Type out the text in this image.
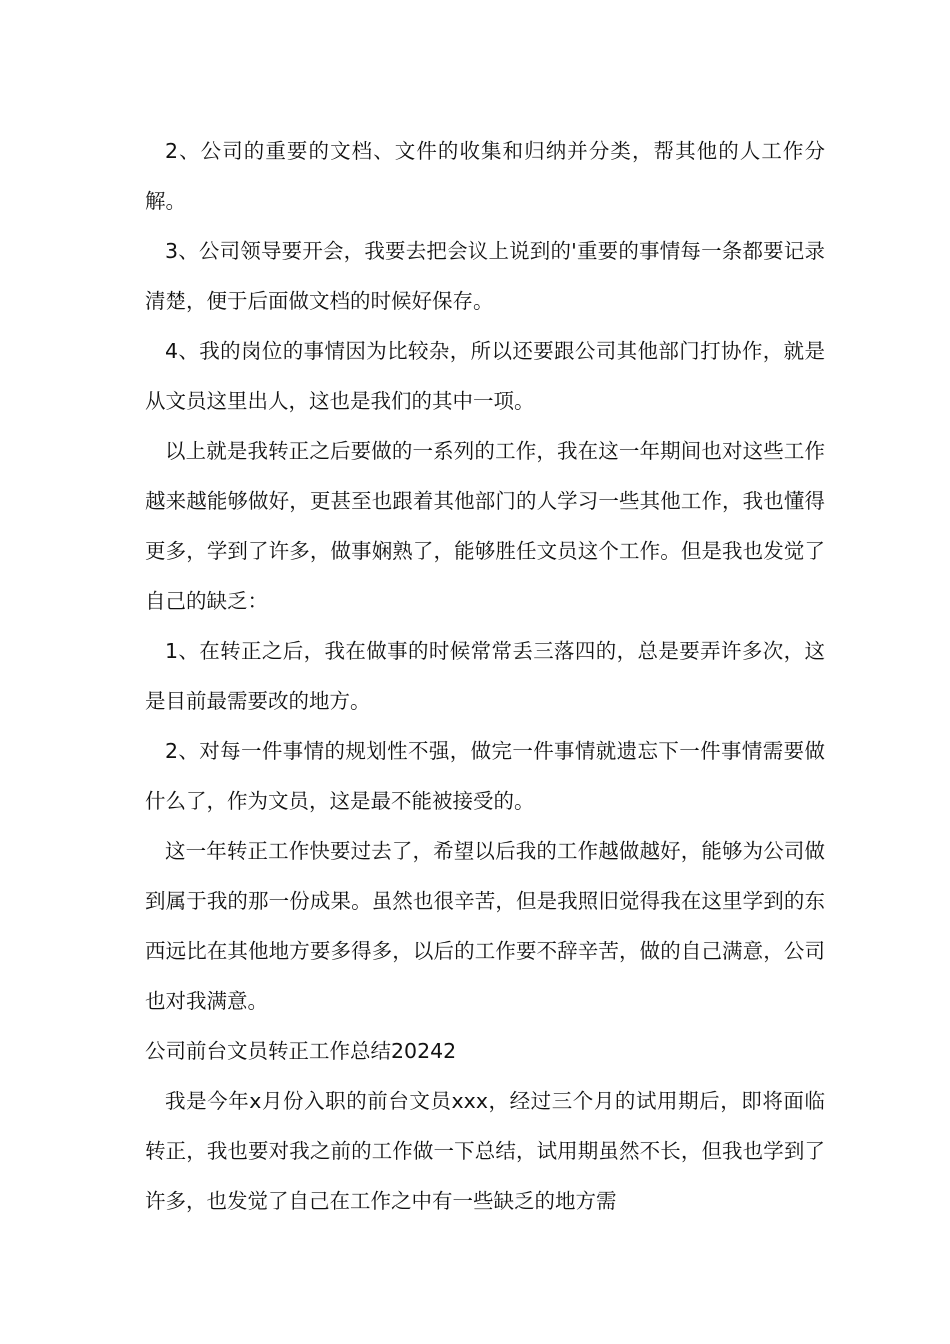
2、公司的重要的文档、文件的收集和归纳并分类，帮其他的人工作分解。

3、公司领导要开会，我要去把会议上说到的'重要的事情每一条都要记录清楚，便于后面做文档的时候好保存。

4、我的岗位的事情因为比较杂，所以还要跟公司其他部门打协作，就是从文员这里出人，这也是我们的其中一项。

以上就是我转正之后要做的一系列的工作，我在这一年期间也对这些工作越来越能够做好，更甚至也跟着其他部门的人学习一些其他工作，我也懂得更多，学到了许多，做事娴熟了，能够胜任文员这个工作。但是我也发觉了自己的缺乏：

1、在转正之后，我在做事的时候常常丢三落四的，总是要弄许多次，这是目前最需要改的地方。

2、对每一件事情的规划性不强，做完一件事情就遗忘下一件事情需要做什么了，作为文员，这是最不能被接受的。

这一年转正工作快要过去了，希望以后我的工作越做越好，能够为公司做到属于我的那一份成果。虽然也很辛苦，但是我照旧觉得我在这里学到的东西远比在其他地方要多得多，以后的工作要不辞辛苦，做的自己满意，公司也对我满意。

公司前台文员转正工作总结20242

我是今年x月份入职的前台文员xxx，经过三个月的试用期后，即将面临转正，我也要对我之前的工作做一下总结，试用期虽然不长，但我也学到了许多，也发觉了自己在工作之中有一些缺乏的地方需
